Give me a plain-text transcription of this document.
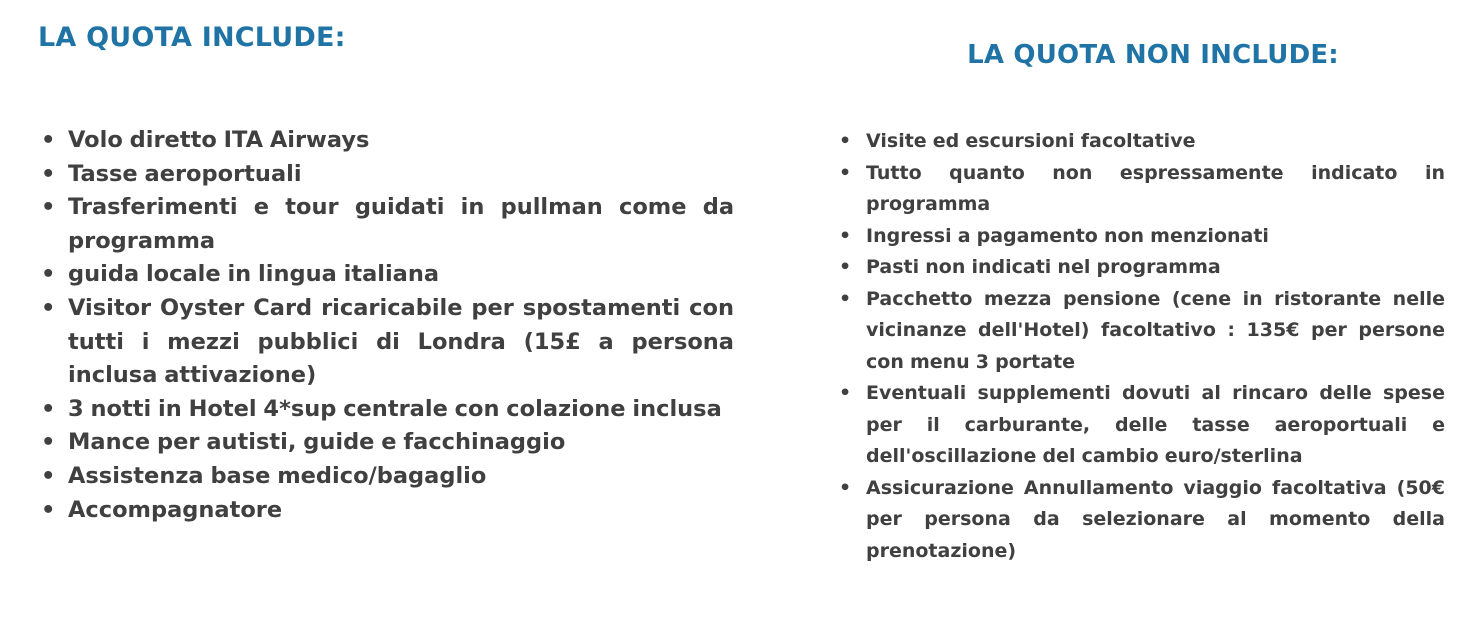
LA QUOTA INCLUDE:
• Volo diretto ITA Airways
• Tasse aeroportuali
• Trasferimenti e tour guidati in pullman come da programma
• guida locale in lingua italiana
• Visitor Oyster Card ricaricabile per spostamenti con tutti i mezzi pubblici di Londra (15£ a persona inclusa attivazione)
• 3 notti in Hotel 4*sup centrale con colazione inclusa
• Mance per autisti, guide e facchinaggio
• Assistenza base medico/bagaglio
• Accompagnatore
LA QUOTA NON INCLUDE:
• Visite ed escursioni facoltative
• Tutto quanto non espressamente indicato in programma
• Ingressi a pagamento non menzionati
• Pasti non indicati nel programma
• Pacchetto mezza pensione (cene in ristorante nelle vicinanze dell'Hotel) facoltativo : 135€ per persone con menu 3 portate
• Eventuali supplementi dovuti al rincaro delle spese per il carburante, delle tasse aeroportuali e dell'oscillazione del cambio euro/sterlina
• Assicurazione Annullamento viaggio facoltativa (50€ per persona da selezionare al momento della prenotazione)
